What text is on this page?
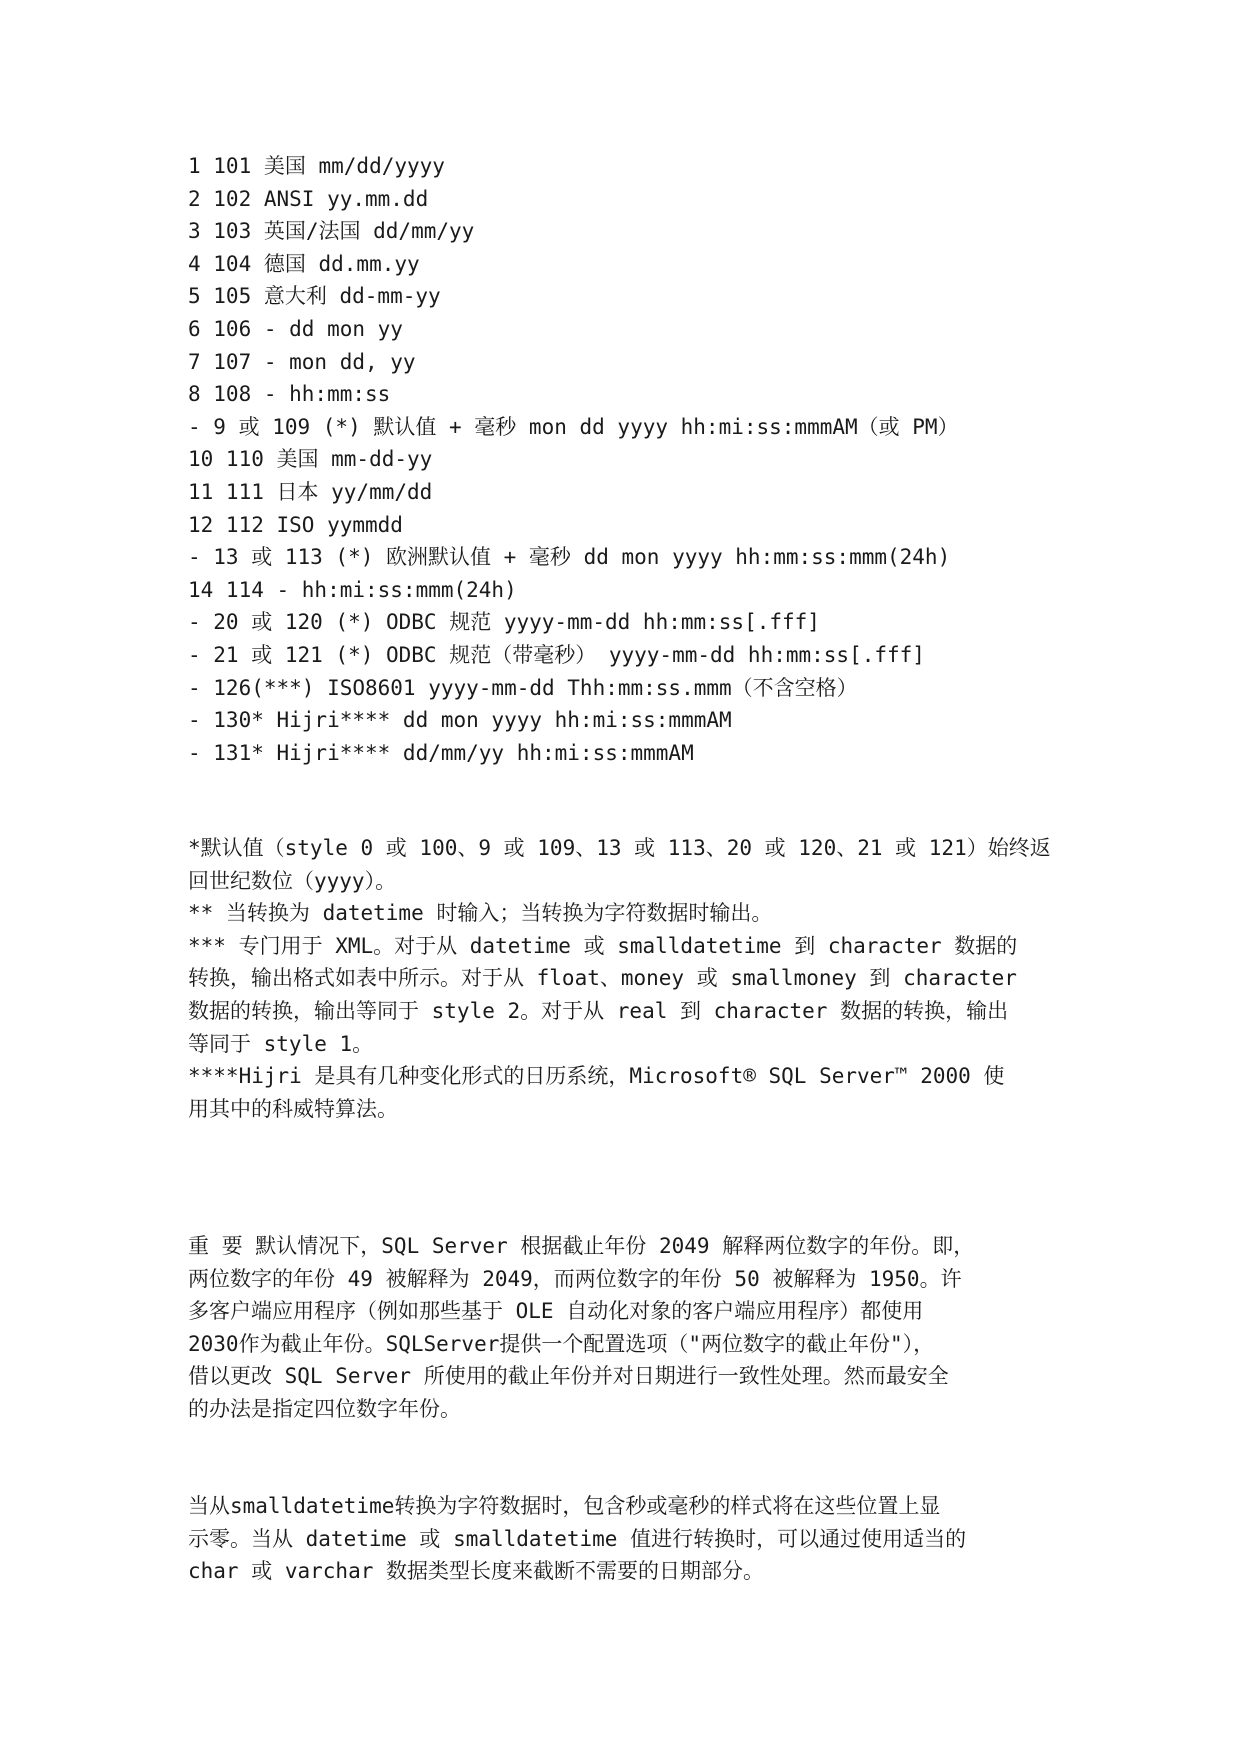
1 101 美国 mm/dd/yyyy
2 102 ANSI yy.mm.dd
3 103 英国/法国 dd/mm/yy
4 104 德国 dd.mm.yy
5 105 意大利 dd-mm-yy
6 106 - dd mon yy
7 107 - mon dd, yy
8 108 - hh:mm:ss
- 9 或 109 (*) 默认值 + 毫秒 mon dd yyyy hh:mi:ss:mmmAM（或 PM）
10 110 美国 mm-dd-yy
11 111 日本 yy/mm/dd
12 112 ISO yymmdd
- 13 或 113 (*) 欧洲默认值 + 毫秒 dd mon yyyy hh:mm:ss:mmm(24h)
14 114 - hh:mi:ss:mmm(24h)
- 20 或 120 (*) ODBC 规范 yyyy-mm-dd hh:mm:ss[.fff]
- 21 或 121 (*) ODBC 规范（带毫秒） yyyy-mm-dd hh:mm:ss[.fff]
- 126(***) ISO8601 yyyy-mm-dd Thh:mm:ss.mmm（不含空格）
- 130* Hijri**** dd mon yyyy hh:mi:ss:mmmAM
- 131* Hijri**** dd/mm/yy hh:mi:ss:mmmAM
*默认值（style 0 或 100、9 或 109、13 或 113、20 或 120、21 或 121）始终返
回世纪数位（yyyy）。
** 当转换为 datetime 时输入；当转换为字符数据时输出。
*** 专门用于 XML。对于从 datetime 或 smalldatetime 到 character 数据的
转换，输出格式如表中所示。对于从 float、money 或 smallmoney 到 character
数据的转换，输出等同于 style 2。对于从 real 到 character 数据的转换，输出
等同于 style 1。
****Hijri 是具有几种变化形式的日历系统，Microsoft® SQL Server™ 2000 使
用其中的科威特算法。
重 要 默认情况下，SQL Server 根据截止年份 2049 解释两位数字的年份。即，
两位数字的年份 49 被解释为 2049，而两位数字的年份 50 被解释为 1950。许
多客户端应用程序（例如那些基于 OLE 自动化对象的客户端应用程序）都使用
2030作为截止年份。SQLServer提供一个配置选项（"两位数字的截止年份"），
借以更改 SQL Server 所使用的截止年份并对日期进行一致性处理。然而最安全
的办法是指定四位数字年份。
当从smalldatetime转换为字符数据时，包含秒或毫秒的样式将在这些位置上显
示零。当从 datetime 或 smalldatetime 值进行转换时，可以通过使用适当的
char 或 varchar 数据类型长度来截断不需要的日期部分。
